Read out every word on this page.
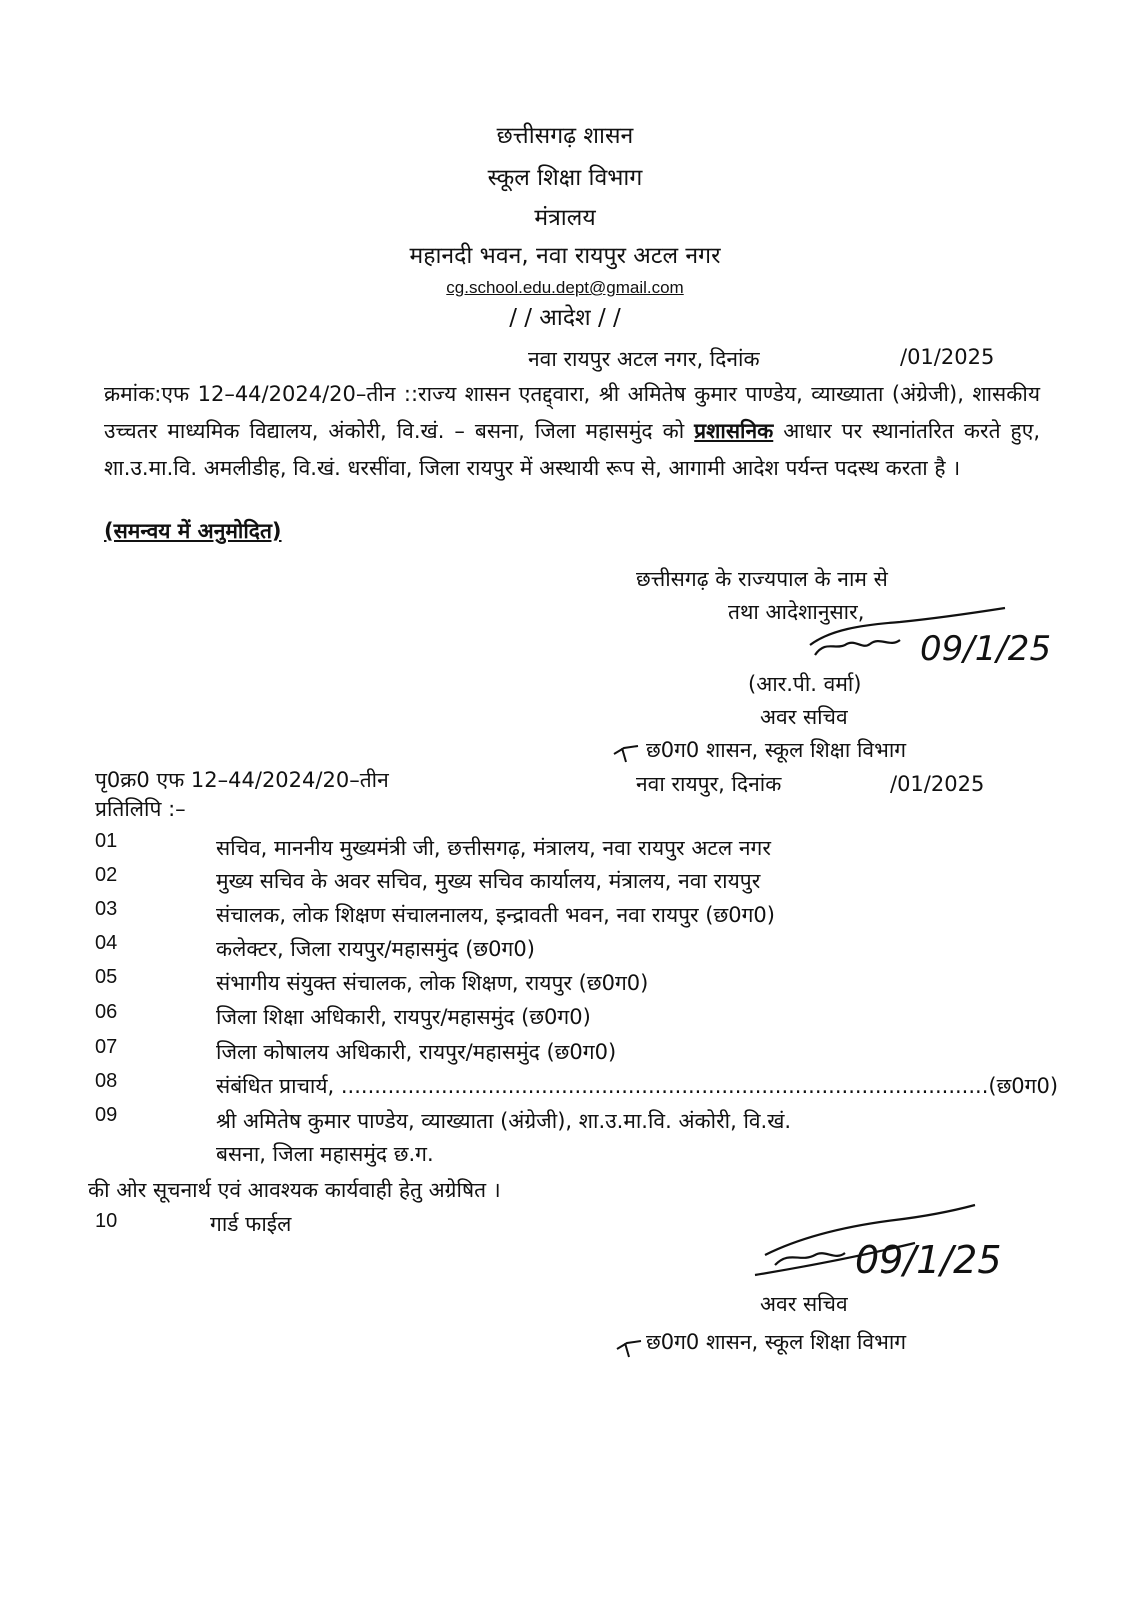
छत्तीसगढ़ शासन
स्कूल शिक्षा विभाग
मंत्रालय
महानदी भवन, नवा रायपुर अटल नगर
cg.school.edu.dept@gmail.com
/ / आदेश / /
नवा रायपुर अटल नगर, दिनांक	/01/2025
क्रमांक:एफ 12–44/2024/20–तीन ::राज्य शासन एतद्द्वारा, श्री अमितेष कुमार पाण्डेय, व्याख्याता (अंग्रेजी), शासकीय उच्चतर माध्यमिक विद्यालय, अंकोरी, वि.खं. – बसना, जिला महासमुंद को प्रशासनिक आधार पर स्थानांतरित करते हुए, शा.उ.मा.वि. अमलीडीह, वि.खं. धरसींवा, जिला रायपुर में अस्थायी रूप से, आगामी आदेश पर्यन्त पदस्थ करता है ।
(समन्वय में अनुमोदित)
छत्तीसगढ़ के राज्यपाल के नाम से
तथा आदेशानुसार,
09/1/25
(आर.पी. वर्मा)
अवर सचिव
छ0ग0 शासन, स्कूल शिक्षा विभाग
पृ0क्र0 एफ 12–44/2024/20–तीन	नवा रायपुर, दिनांक	/01/2025
प्रतिलिपि :–
01	सचिव, माननीय मुख्यमंत्री जी, छत्तीसगढ़, मंत्रालय, नवा रायपुर अटल नगर
02	मुख्य सचिव के अवर सचिव, मुख्य सचिव कार्यालय, मंत्रालय, नवा रायपुर
03	संचालक, लोक शिक्षण संचालनालय, इन्द्रावती भवन, नवा रायपुर (छ0ग0)
04	कलेक्टर, जिला रायपुर/महासमुंद (छ0ग0)
05	संभागीय संयुक्त संचालक, लोक शिक्षण, रायपुर (छ0ग0)
06	जिला शिक्षा अधिकारी, रायपुर/महासमुंद (छ0ग0)
07	जिला कोषालय अधिकारी, रायपुर/महासमुंद (छ0ग0)
08	संबंधित प्राचार्य, .................................................................................................(छ0ग0)
09	श्री अमितेष कुमार पाण्डेय, व्याख्याता (अंग्रेजी), शा.उ.मा.वि. अंकोरी, वि.खं.
बसना, जिला महासमुंद छ.ग.
की ओर सूचनार्थ एवं आवश्यक कार्यवाही हेतु अग्रेषित ।
10	गार्ड फाईल
09/1/25
अवर सचिव
छ0ग0 शासन, स्कूल शिक्षा विभाग
